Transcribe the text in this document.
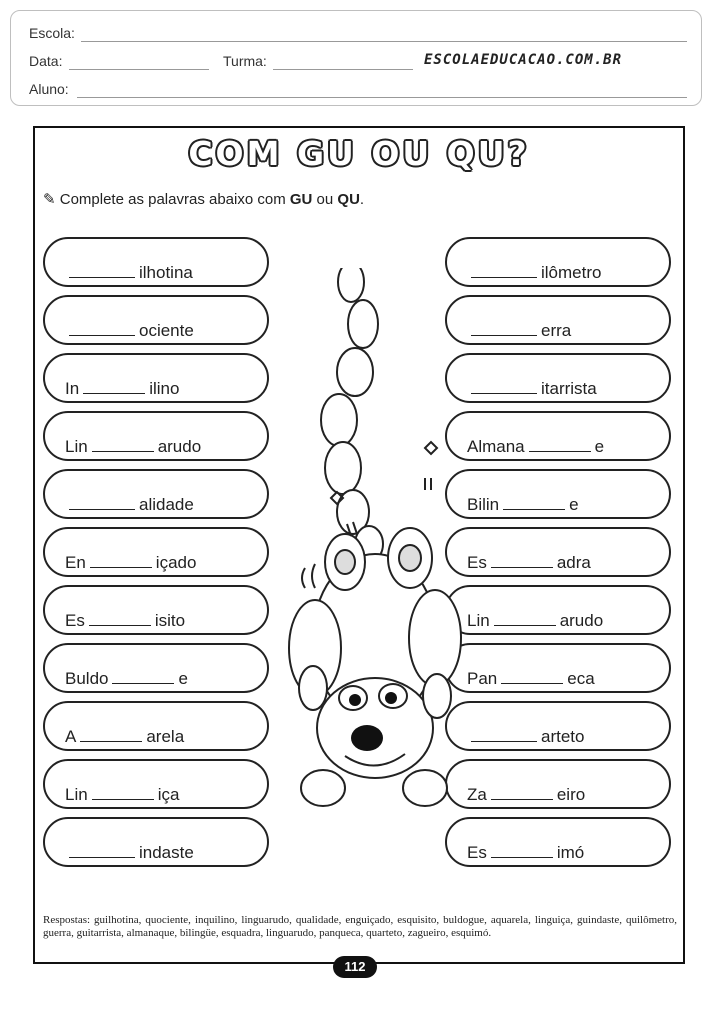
Escola:
Data:	Turma:
Aluno:
ESCOLAEDUCACAO.COM.BR
COM GU OU QU?
✎ Complete as palavras abaixo com GU ou QU.
ilhotina
ociente
In	ilino
Lin	arudo
alidade
En	içado
Es	isito
Buldo	e
A	arela
Lin	iça
indaste
ilômetro
erra
itarrista
Almana	e
Bilin	e
Es	adra
Lin	arudo
Pan	eca
arteto
Za	eiro
Es	imó
Respostas: guilhotina, quociente, inquilino, linguarudo, qualidade, enguiçado, esquisito, buldogue, aquarela, linguiça, guindaste, quilômetro, guerra, guitarrista, almanaque, bilingüe, esquadra, linguarudo, panqueca, quarteto, zagueiro, esquimó.
112
